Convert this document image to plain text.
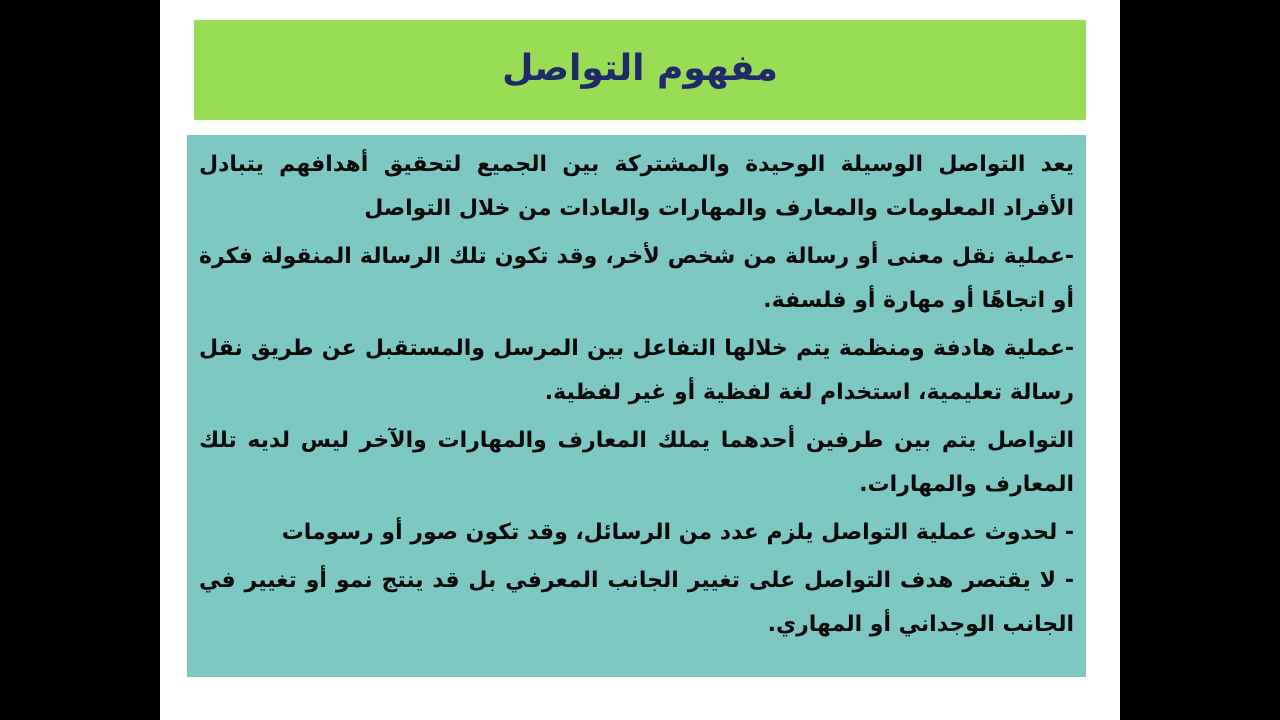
مفهوم التواصل

يعد التواصل الوسيلة الوحيدة والمشتركة بين الجميع لتحقيق أهدافهم يتبادل الأفراد المعلومات والمعارف والمهارات والعادات من خلال التواصل

-عملية نقل معنى أو رسالة من شخص لأخر، وقد تكون تلك الرسالة المنقولة فكرة أو اتجاهًا أو مهارة أو فلسفة.

-عملية هادفة ومنظمة يتم خلالها التفاعل بين المرسل والمستقبل عن طريق نقل رسالة تعليمية، استخدام لغة لفظية أو غير لفظية.

التواصل يتم بين طرفين أحدهما يملك المعارف والمهارات والآخر ليس لديه تلك المعارف والمهارات.

- لحدوث عملية التواصل يلزم عدد من الرسائل، وقد تكون صور أو رسومات

- لا يقتصر هدف التواصل على تغيير الجانب المعرفي بل قد ينتج نمو أو تغيير في الجانب الوجداني أو المهاري.
